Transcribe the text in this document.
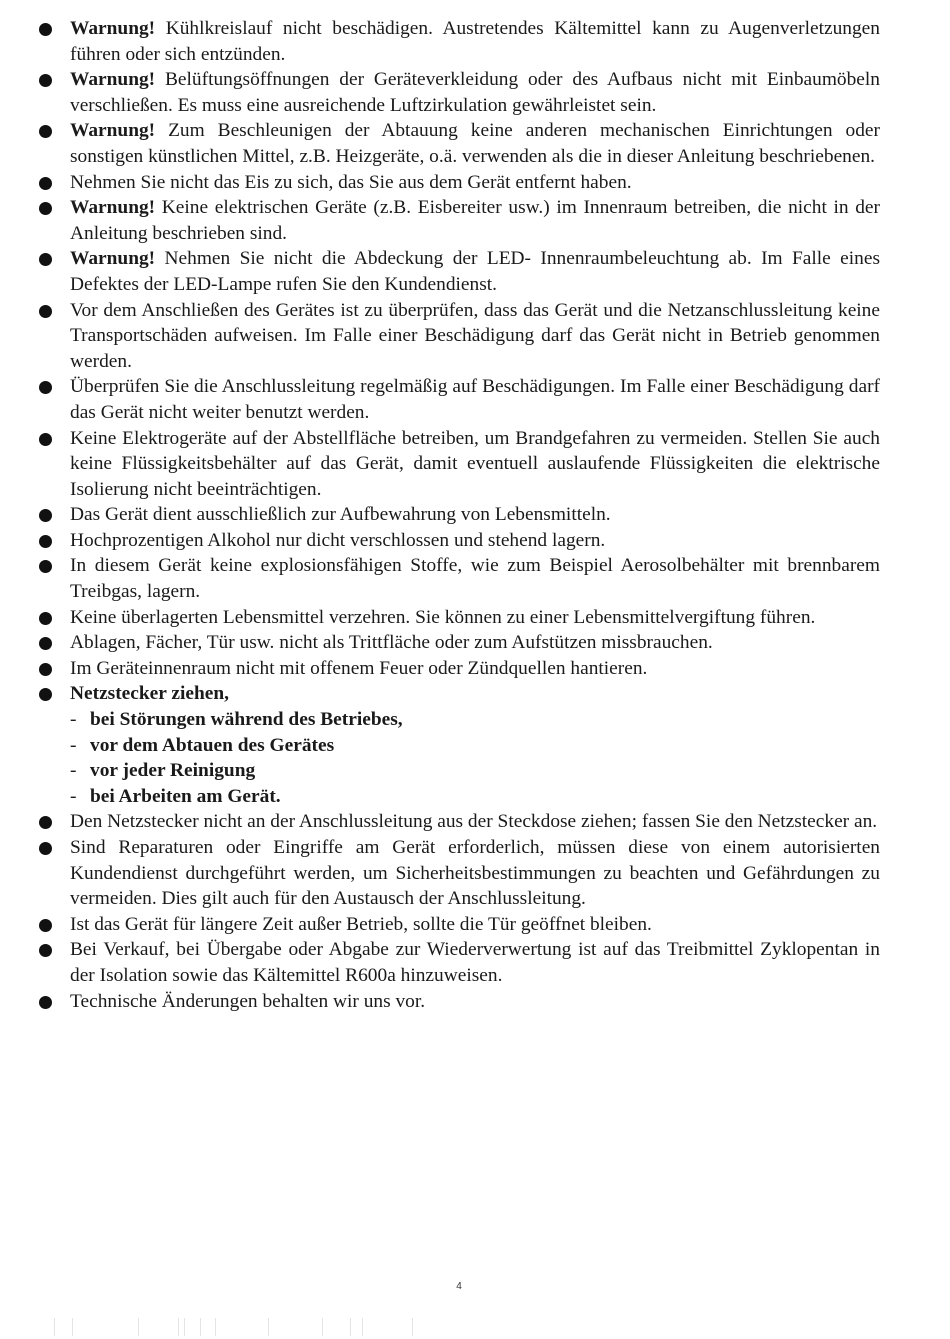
Warnung! Kühlkreislauf nicht beschädigen. Austretendes Kältemittel kann zu Augenverletzungen führen oder sich entzünden.
Warnung! Belüftungsöffnungen der Geräteverkleidung oder des Aufbaus nicht mit Einbaumöbeln verschließen. Es muss eine ausreichende Luftzirkulation gewährleistet sein.
Warnung! Zum Beschleunigen der Abtauung keine anderen mechanischen Einrichtungen oder sonstigen künstlichen Mittel, z.B. Heizgeräte, o.ä. verwenden als die in dieser Anleitung beschriebenen.
Nehmen Sie nicht das Eis zu sich, das Sie aus dem Gerät entfernt haben.
Warnung! Keine elektrischen Geräte (z.B. Eisbereiter usw.) im Innenraum betreiben, die nicht in der Anleitung beschrieben sind.
Warnung! Nehmen Sie nicht die Abdeckung der LED- Innenraumbeleuchtung ab. Im Falle eines Defektes der LED-Lampe rufen Sie den Kundendienst.
Vor dem Anschließen des Gerätes ist zu überprüfen, dass das Gerät und die Netzanschlussleitung keine Transportschäden aufweisen. Im Falle einer Beschädigung darf das Gerät nicht in Betrieb genommen werden.
Überprüfen Sie die Anschlussleitung regelmäßig auf Beschädigungen. Im Falle einer Beschädigung darf das Gerät nicht weiter benutzt werden.
Keine Elektrogeräte auf der Abstellfläche betreiben, um Brandgefahren zu vermeiden. Stellen Sie auch keine Flüssigkeitsbehälter auf das Gerät, damit eventuell auslaufende Flüssigkeiten die elektrische Isolierung nicht beeinträchtigen.
Das Gerät dient ausschließlich zur Aufbewahrung von Lebensmitteln.
Hochprozentigen Alkohol nur dicht verschlossen und stehend lagern.
In diesem Gerät keine explosionsfähigen Stoffe, wie zum Beispiel Aerosolbehälter mit brennbarem Treibgas, lagern.
Keine überlagerten Lebensmittel verzehren. Sie können zu einer Lebensmittelvergiftung führen.
Ablagen, Fächer, Tür usw. nicht als Trittfläche oder zum Aufstützen missbrauchen.
Im Geräteinnenraum nicht mit offenem Feuer oder Zündquellen hantieren.
Netzstecker ziehen,
- bei Störungen während des Betriebes,
- vor dem Abtauen des Gerätes
- vor jeder Reinigung
- bei Arbeiten am Gerät.
Den Netzstecker nicht an der Anschlussleitung aus der Steckdose ziehen; fassen Sie den Netzstecker an.
Sind Reparaturen oder Eingriffe am Gerät erforderlich, müssen diese von einem autorisierten Kundendienst durchgeführt werden, um Sicherheitsbestimmungen zu beachten und Gefährdungen zu vermeiden. Dies gilt auch für den Austausch der Anschlussleitung.
Ist das Gerät für längere Zeit außer Betrieb, sollte die Tür geöffnet bleiben.
Bei Verkauf, bei Übergabe oder Abgabe zur Wiederverwertung ist auf das Treibmittel Zyklopentan in der Isolation sowie das Kältemittel R600a hinzuweisen.
Technische Änderungen behalten wir uns vor.
4
